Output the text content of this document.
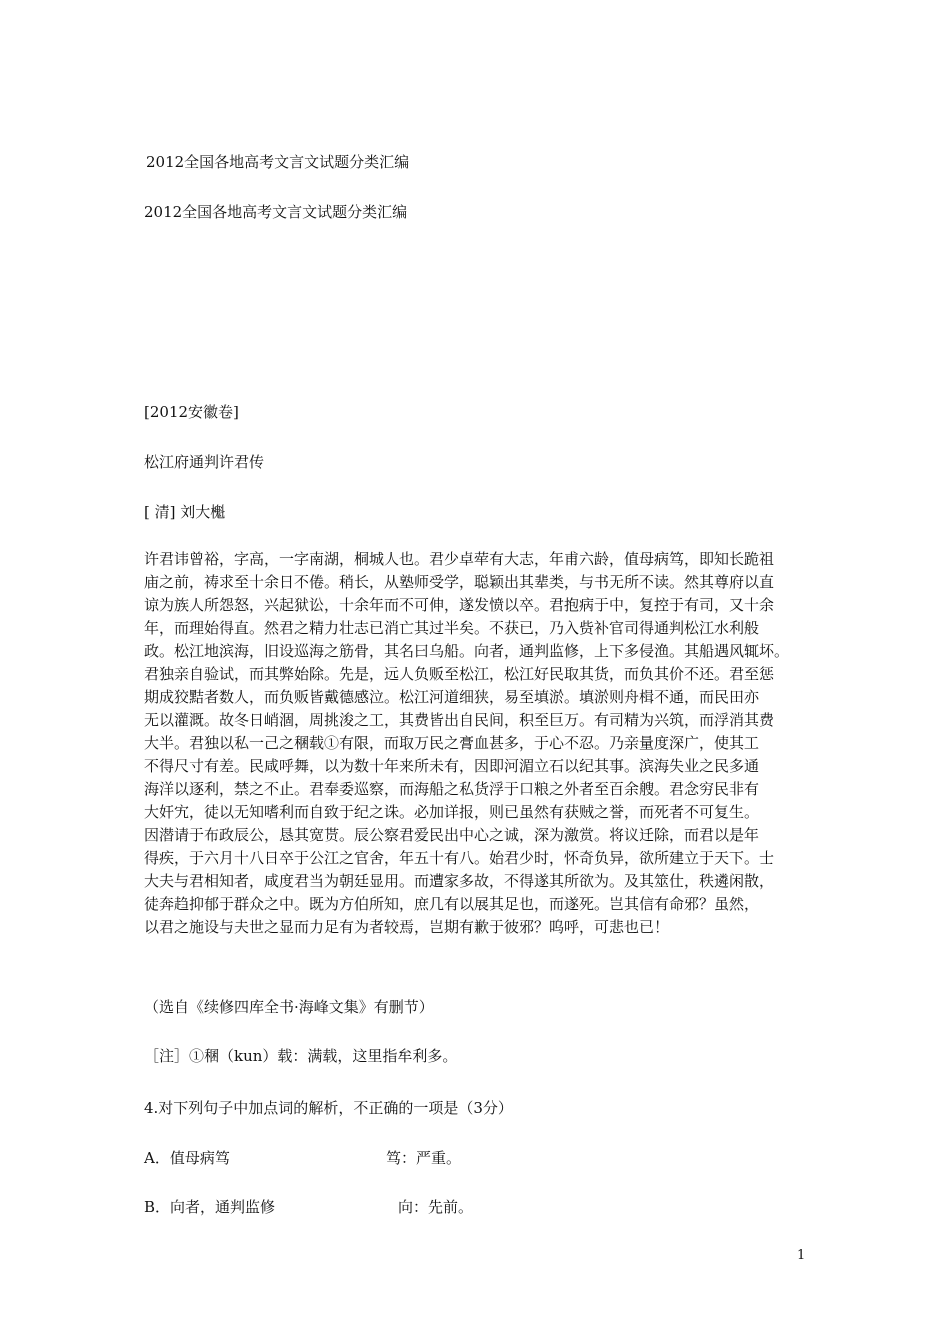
2012全国各地高考文言文试题分类汇编
2012全国各地高考文言文试题分类汇编
[2012安徽卷]
松江府通判许君传
[ 清] 刘大櫆
许君讳曾裕，字高，一字南湖，桐城人也。君少卓荦有大志，年甫六龄，值母病笃，即知长跪祖
庙之前，祷求至十余日不倦。稍长，从塾师受学，聪颖出其辈类，与书无所不读。然其尊府以直
谅为族人所怨怒，兴起狱讼，十余年而不可伸，遂发愤以卒。君抱病于中，复控于有司，又十余
年，而理始得直。然君之精力壮志已消亡其过半矣。不获已，乃入赀补官司得通判松江水利般
政。松江地滨海，旧设巡海之筋骨，其名曰乌船。向者，通判监修，上下多侵渔。其船遇风辄坏。
君独亲自验试，而其弊始除。先是，远人负贩至松江，松江好民取其货，而负其价不还。君至惩
期成狡黠者数人，而负贩皆戴德感泣。松江河道细狭，易至填淤。填淤则舟楫不通，而民田亦
无以灌溉。故冬日峭涸，周挑浚之工，其费皆出自民间，积至巨万。有司精为兴筑，而浮消其费
大半。君独以私一己之稛载①有限，而取万民之膏血甚多，于心不忍。乃亲量度深广，使其工
不得尺寸有差。民咸呼舞，以为数十年来所未有，因即河湄立石以纪其事。滨海失业之民多通
海洋以逐利，禁之不止。君奉委巡察，而海船之私货浮于口粮之外者至百余艘。君念穷民非有
大奸宄，徒以无知嗜利而自致于纪之诛。必加详报，则已虽然有获贼之誉，而死者不可复生。
因潜请于布政辰公，恳其宽贳。辰公察君爱民出中心之诚，深为激赏。将议迁除，而君以是年
得疾，于六月十八日卒于公江之官舍，年五十有八。始君少时，怀奇负异，欲所建立于天下。士
大夫与君相知者，咸度君当为朝廷显用。而遭家多故，不得遂其所欲为。及其筮仕，秩遴闲散，
徒奔趋抑郁于群众之中。既为方伯所知，庶几有以展其足也，而遂死。岂其信有命邪？虽然，
以君之施设与夫世之显而力足有为者较焉，岂期有歉于彼邪？呜呼，可悲也已！
（选自《续修四库全书·海峰文集》有删节）
［注］①稛（kun）载：满载，这里指牟利多。
4.对下列句子中加点词的解析，不正确的一项是（3分）
A．值母病笃	笃：严重。
B．向者，通判监修	向：先前。
1
